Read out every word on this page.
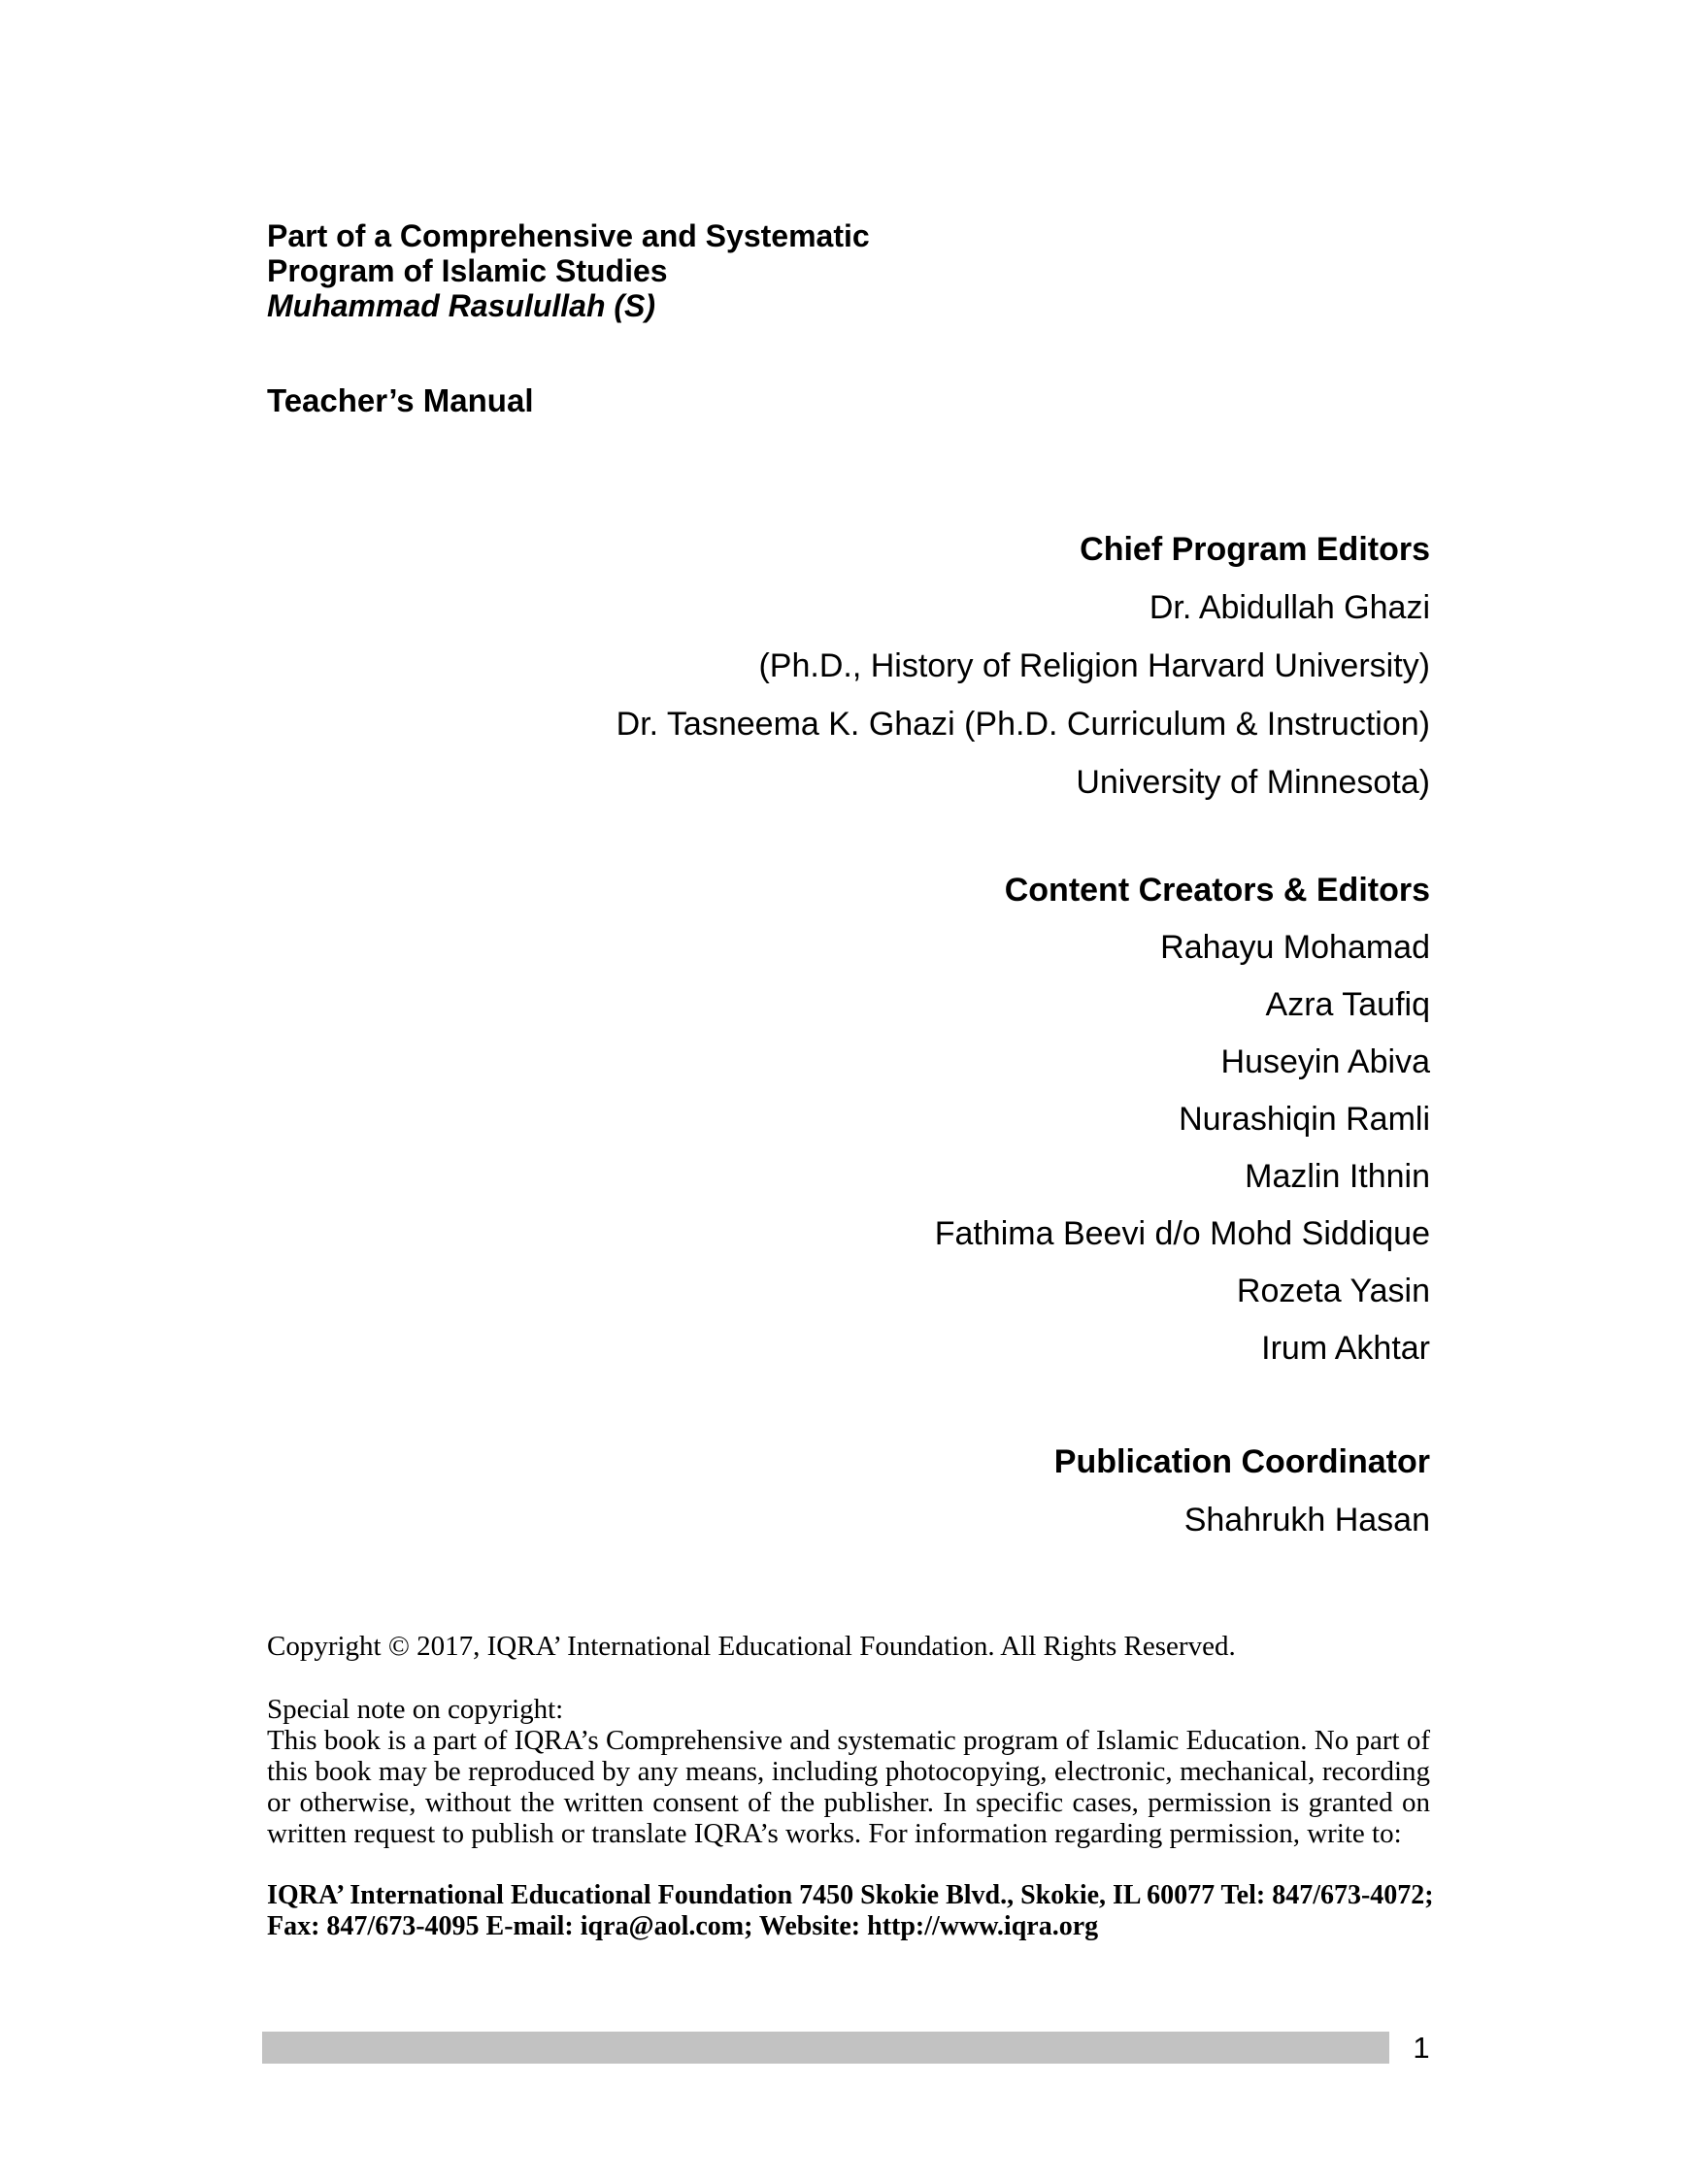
Part of a Comprehensive and Systematic
Program of Islamic Studies
Muhammad Rasulullah (S)
Teacher’s Manual
Chief Program Editors
Dr. Abidullah Ghazi
(Ph.D., History of Religion Harvard University)
Dr. Tasneema K. Ghazi (Ph.D. Curriculum & Instruction)
University of Minnesota)
Content Creators & Editors
Rahayu Mohamad
Azra Taufiq
Huseyin Abiva
Nurashiqin Ramli
Mazlin Ithnin
Fathima Beevi d/o Mohd Siddique
Rozeta Yasin
Irum Akhtar
Publication Coordinator
Shahrukh Hasan
Copyright © 2017, IQRA’ International Educational Foundation. All Rights Reserved.
Special note on copyright:
This book is a part of IQRA’s Comprehensive and systematic program of Islamic Education. No part of this book may be reproduced by any means, including photocopying, electronic, mechanical, recording or otherwise, without the written consent of the publisher. In specific cases, permission is granted on written request to publish or translate IQRA’s works. For information regarding permission, write to:
IQRA’ International Educational Foundation 7450 Skokie Blvd., Skokie, IL 60077 Tel: 847/673-4072;
Fax: 847/673-4095 E-mail: iqra@aol.com; Website: http://www.iqra.org
1
